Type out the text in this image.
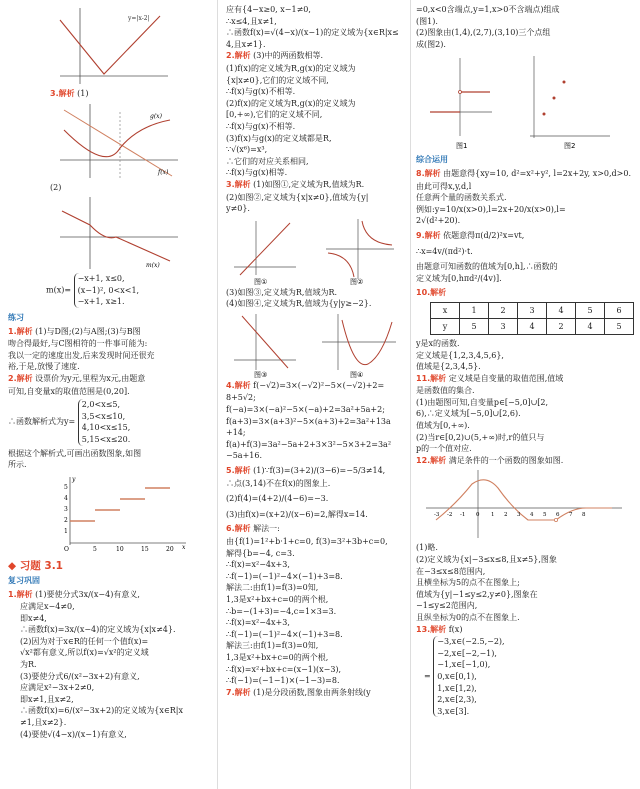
y=|x-2|

3.解析 (1)

g(x)
f(x)

(2)

m(x)

m(x)=
−x+1, x≤0,
(x−1)², 0<x<1,
−x+1, x≥1.

练习

1.解析 (1)与D图;(2)与A图;(3)与B图

吻合得最好,与C图相符的一件事可能为:
我以一定的速度出发,后来发现时间还很充
裕,于是,放慢了速度.

2.解析 设票价为y元,里程为x元,由题意

可知,自变量x的取值范围是(0,20].

∴函数解析式为y=
2,0<x≤5,
3,5<x≤10,
4,10<x≤15,
5,15<x≤20.

根据这个解析式,可画出函数图象,如图
所示.
5
4
3
2
1
O	5	10	15	20 x
y
◆ 习题 3.1
复习巩固

1.解析 (1)要使分式3x/(x−4)有意义,

应满足x−4≠0,
即x≠4,
∴函数f(x)=3x/(x−4)的定义域为{x|x≠4}.
(2)因为对于x∈R的任何一个值f(x)=
√x²都有意义,所以f(x)=√x²的定义域
为R.
(3)要使分式6/(x²−3x+2)有意义,
应满足x²−3x+2≠0,
即x≠1,且x≠2,
∴函数f(x)=6/(x²−3x+2)的定义域为{x∈R|x
≠1,且x≠2}.
(4)要使√(4−x)/(x−1)有意义,
应有{4−x≥0, x−1≠0,
∴x≤4,且x≠1,
∴函数f(x)=√(4−x)/(x−1)的定义域为{x∈R|x≤
4,且x≠1}.

2.解析 (3)中的两函数相等.

(1)f(x)的定义域为R,g(x)的定义域为
{x|x≠0},它们的定义域不同,
∴f(x)与g(x)不相等.
(2)f(x)的定义域为R,g(x)的定义域为
[0,+∞),它们的定义域不同,
∴f(x)与g(x)不相等.
(3)f(x)与g(x)的定义域都是R,
∵√(x⁶)=x³,
∴它们的对应关系相同,
∴f(x)与g(x)相等.

3.解析 (1)如图①,定义域为R,值域为R.

(2)如图②,定义域为{x|x≠0},值域为{y|
y≠0}.
图①	图②
(3)如图③,定义域为R,值域为R.
(4)如图④,定义域为R,值域为{y|y≥−2}.
图③	图④

4.解析 f(−√2)=3×(−√2)²−5×(−√2)+2=

8+5√2;
f(−a)=3×(−a)²−5×(−a)+2=3a²+5a+2;
f(a+3)=3×(a+3)²−5×(a+3)+2=3a²+13a
+14;
f(a)+f(3)=3a²−5a+2+3×3²−5×3+2=3a²
−5a+16.

5.解析 (1)∵f(3)=(3+2)/(3−6)=−5/3≠14,

∴点(3,14)不在f(x)的图象上.
(2)f(4)=(4+2)/(4−6)=−3.
(3)由f(x)=(x+2)/(x−6)=2,解得x=14.

6.解析 解法一:

由{f(1)=1²+b·1+c=0, f(3)=3²+3b+c=0,
解得{b=−4, c=3.
∴f(x)=x²−4x+3,
∴f(−1)=(−1)²−4×(−1)+3=8.
解法二:由f(1)=f(3)=0知,
1,3是x²+bx+c=0的两个根,
∴b=−(1+3)=−4,c=1×3=3.
∴f(x)=x²−4x+3,
∴f(−1)=(−1)²−4×(−1)+3=8.
解法三:由f(1)=f(3)=0知,
1,3是x²+bx+c=0的两个根,
∴f(x)=x²+bx+c=(x−1)(x−3),
∴f(−1)=(−1−1)×(−1−3)=8.

7.解析 (1)是分段函数,图象由两条射线(y

=0,x<0含端点,y=1,x>0不含端点)组成
(图1).
(2)图象由(1,4),(2,7),(3,10)三个点组
成(图2).
图1	图2
综合运用

8.解析 由题意得{xy=10, d²=x²+y², l=2x+2y, x>0,d>0.

由此可得x,y,d,l
任意两个量的函数关系式.
例如:y=10/x(x>0),l=2x+20/x(x>0),l=
2√(d²+20).

9.解析 依题意得π(d/2)²x=vt,

∴x=4v/(πd²)·t.
由题意可知函数的值域为[0,h],∴函数的
定义域为[0,hπd²/(4v)].

10.解析

x	1	2	3	4	5	6
y	5	3	4	2	4	5
y是x的函数.
定义域是{1,2,3,4,5,6},
值域是{2,3,4,5}.

11.解析 定义域是自变量的取值范围,值域

是函数值的集合.
(1)由题图可知,自变量p∈[−5,0]∪[2,
6),∴定义域为[−5,0]∪[2,6).
值域为[0,+∞).
(2)当r∈[0,2)∪(5,+∞)时,r的值只与
p的一个值对应.

12.解析 满足条件的一个函数的图象如图.

-3 -2 -1 0 1 2 3 4 5 6 7 8
(1)略.
(2)定义域为{x|−3≤x≤8,且x≠5},图象
在−3≤x≤8范围内,
且横坐标为5的点不在图象上;
值域为{y|−1≤y≤2,y≠0},图象在
−1≤y≤2范围内,
且纵坐标为0的点不在图象上.

13.解析 f(x)

=
−3,x∈(−2.5,−2),
−2,x∈[−2,−1),
−1,x∈[−1,0),
0,x∈[0,1),
1,x∈[1,2),
2,x∈[2,3),
3,x∈[3].
